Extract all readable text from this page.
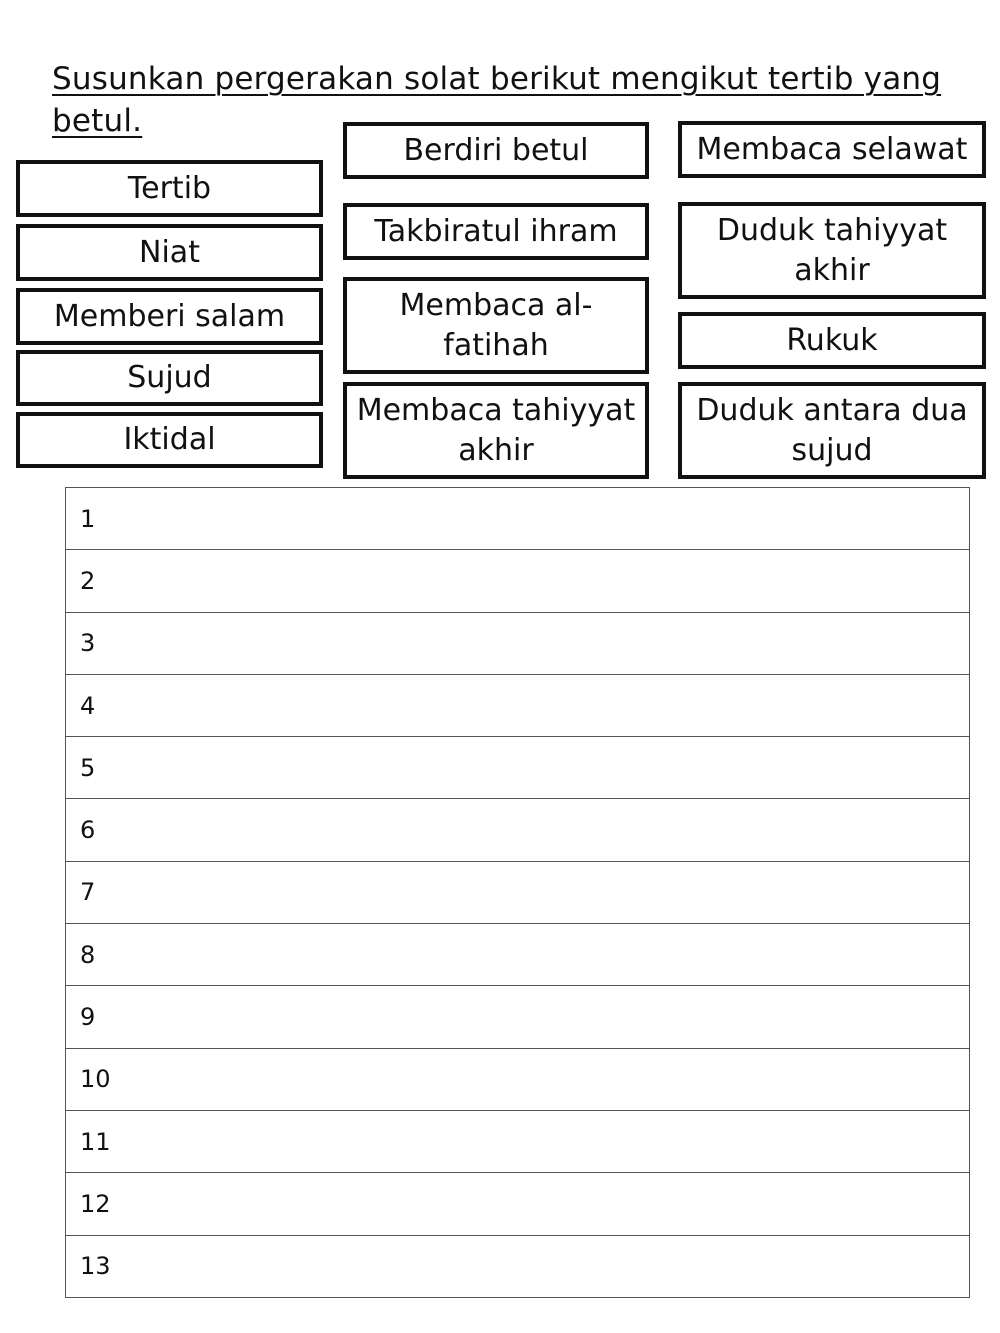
Susunkan pergerakan solat berikut mengikut tertib yang betul.
Tertib
Niat
Memberi salam
Sujud
Iktidal
Berdiri betul
Takbiratul ihram
Membaca al-fatihah
Membaca tahiyyat akhir
Membaca selawat
Duduk tahiyyat akhir
Rukuk
Duduk antara dua sujud
1
2
3
4
5
6
7
8
9
10
11
12
13
